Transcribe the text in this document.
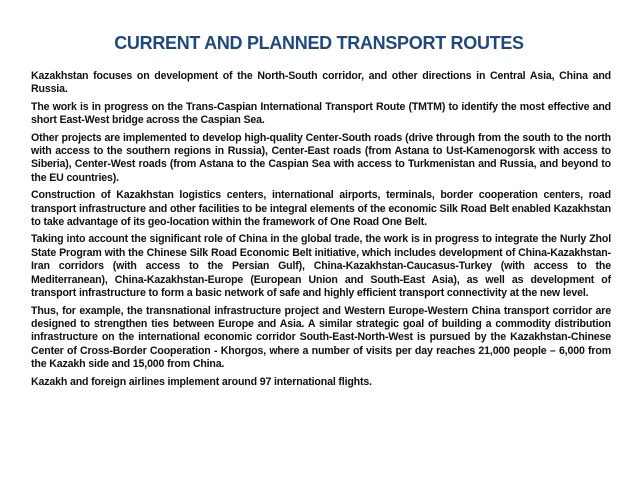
CURRENT AND PLANNED TRANSPORT ROUTES

Kazakhstan focuses on development of the North-South corridor, and other directions in Central Asia, China and Russia.

The work is in progress on the Trans-Caspian International Transport Route (TMTM) to identify the most effective and short East-West bridge across the Caspian Sea.

Other projects are implemented to develop high-quality Center-South roads (drive through from the south to the north with access to the southern regions in Russia), Center-East roads (from Astana to Ust-Kamenogorsk with access to Siberia), Center-West roads (from Astana to the Caspian Sea with access to Turkmenistan and Russia, and beyond to the EU countries).

Construction of Kazakhstan logistics centers, international airports, terminals, border cooperation centers, road transport infrastructure and other facilities to be integral elements of the economic Silk Road Belt enabled Kazakhstan to take advantage of its geo-location within the framework of One Road One Belt.

Taking into account the significant role of China in the global trade, the work is in progress to integrate the Nurly Zhol State Program with the Chinese Silk Road Economic Belt initiative, which includes development of China-Kazakhstan-Iran corridors (with access to the Persian Gulf), China-Kazakhstan-Caucasus-Turkey (with access to the Mediterranean), China-Kazakhstan-Europe (European Union and South-East Asia), as well as development of transport infrastructure to form a basic network of safe and highly efficient transport connectivity at the new level.

Thus, for example, the transnational infrastructure project and Western Europe-Western China transport corridor are designed to strengthen ties between Europe and Asia. A similar strategic goal of building a commodity distribution infrastructure on the international economic corridor South-East-North-West is pursued by the Kazakhstan-Chinese Center of Cross-Border Cooperation - Khorgos, where a number of visits per day reaches 21,000 people – 6,000 from the Kazakh side and 15,000 from China.

Kazakh and foreign airlines implement around 97 international flights.
